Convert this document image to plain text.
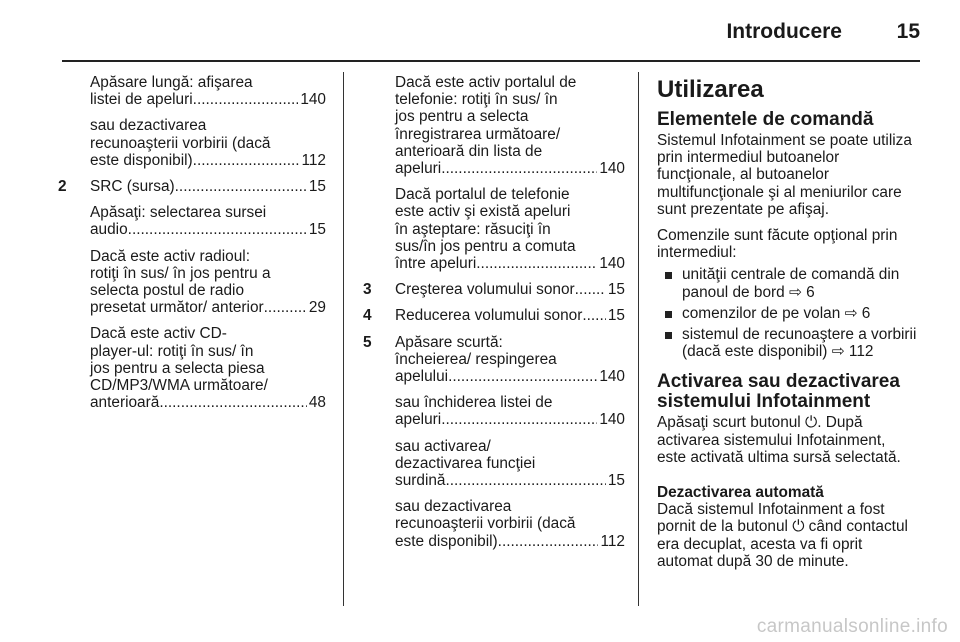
Introducere	15
Apăsare lungă: afişarea
listei de apeluri .....	140
sau dezactivarea
recunoaşterii vorbirii (dacă
este disponibil) .....	112
2 SRC (sursa) .....	15
Apăsaţi: selectarea sursei
audio .....	15
Dacă este activ radioul:
rotiţi în sus/ în jos pentru a
selecta postul de radio
presetat următor/ anterior .....	29
Dacă este activ CD-
player-ul: rotiţi în sus/ în
jos pentru a selecta piesa
CD/MP3/WMA următoare/
anterioară .....	48
Dacă este activ portalul de
telefonie: rotiţi în sus/ în
jos pentru a selecta
înregistrarea următoare/
anterioară din lista de
apeluri .....	140
Dacă portalul de telefonie
este activ şi există apeluri
în aşteptare: răsuciţi în
sus/în jos pentru a comuta
între apeluri .....	140
3 Creşterea volumului sonor ..... 15
4 Reducerea volumului sonor ..... 15
5 Apăsare scurtă:
încheierea/ respingerea
apelului .....	140
sau închiderea listei de
apeluri .....	140
sau activarea/
dezactivarea funcţiei
surdină .....	15
sau dezactivarea
recunoaşterii vorbirii (dacă
este disponibil) .....	112
Utilizarea
Elementele de comandă
Sistemul Infotainment se poate utiliza
prin intermediul butoanelor
funcţionale, al butoanelor
multifuncţionale şi al meniurilor care
sunt prezentate pe afişaj.
Comenzile sunt făcute opţional prin
intermediul:
unităţii centrale de comandă din
panoul de bord ⇨ 6
comenzilor de pe volan ⇨ 6
sistemul de recunoaştere a vorbirii
(dacă este disponibil) ⇨ 112
Activarea sau dezactivarea
sistemului Infotainment
Apăsaţi scurt butonul ⏻. După
activarea sistemului Infotainment,
este activată ultima sursă selectată.
Dezactivarea automată
Dacă sistemul Infotainment a fost
pornit de la butonul ⏻ când contactul
era decuplat, acesta va fi oprit
automat după 30 de minute.
carmanualsonline.info
